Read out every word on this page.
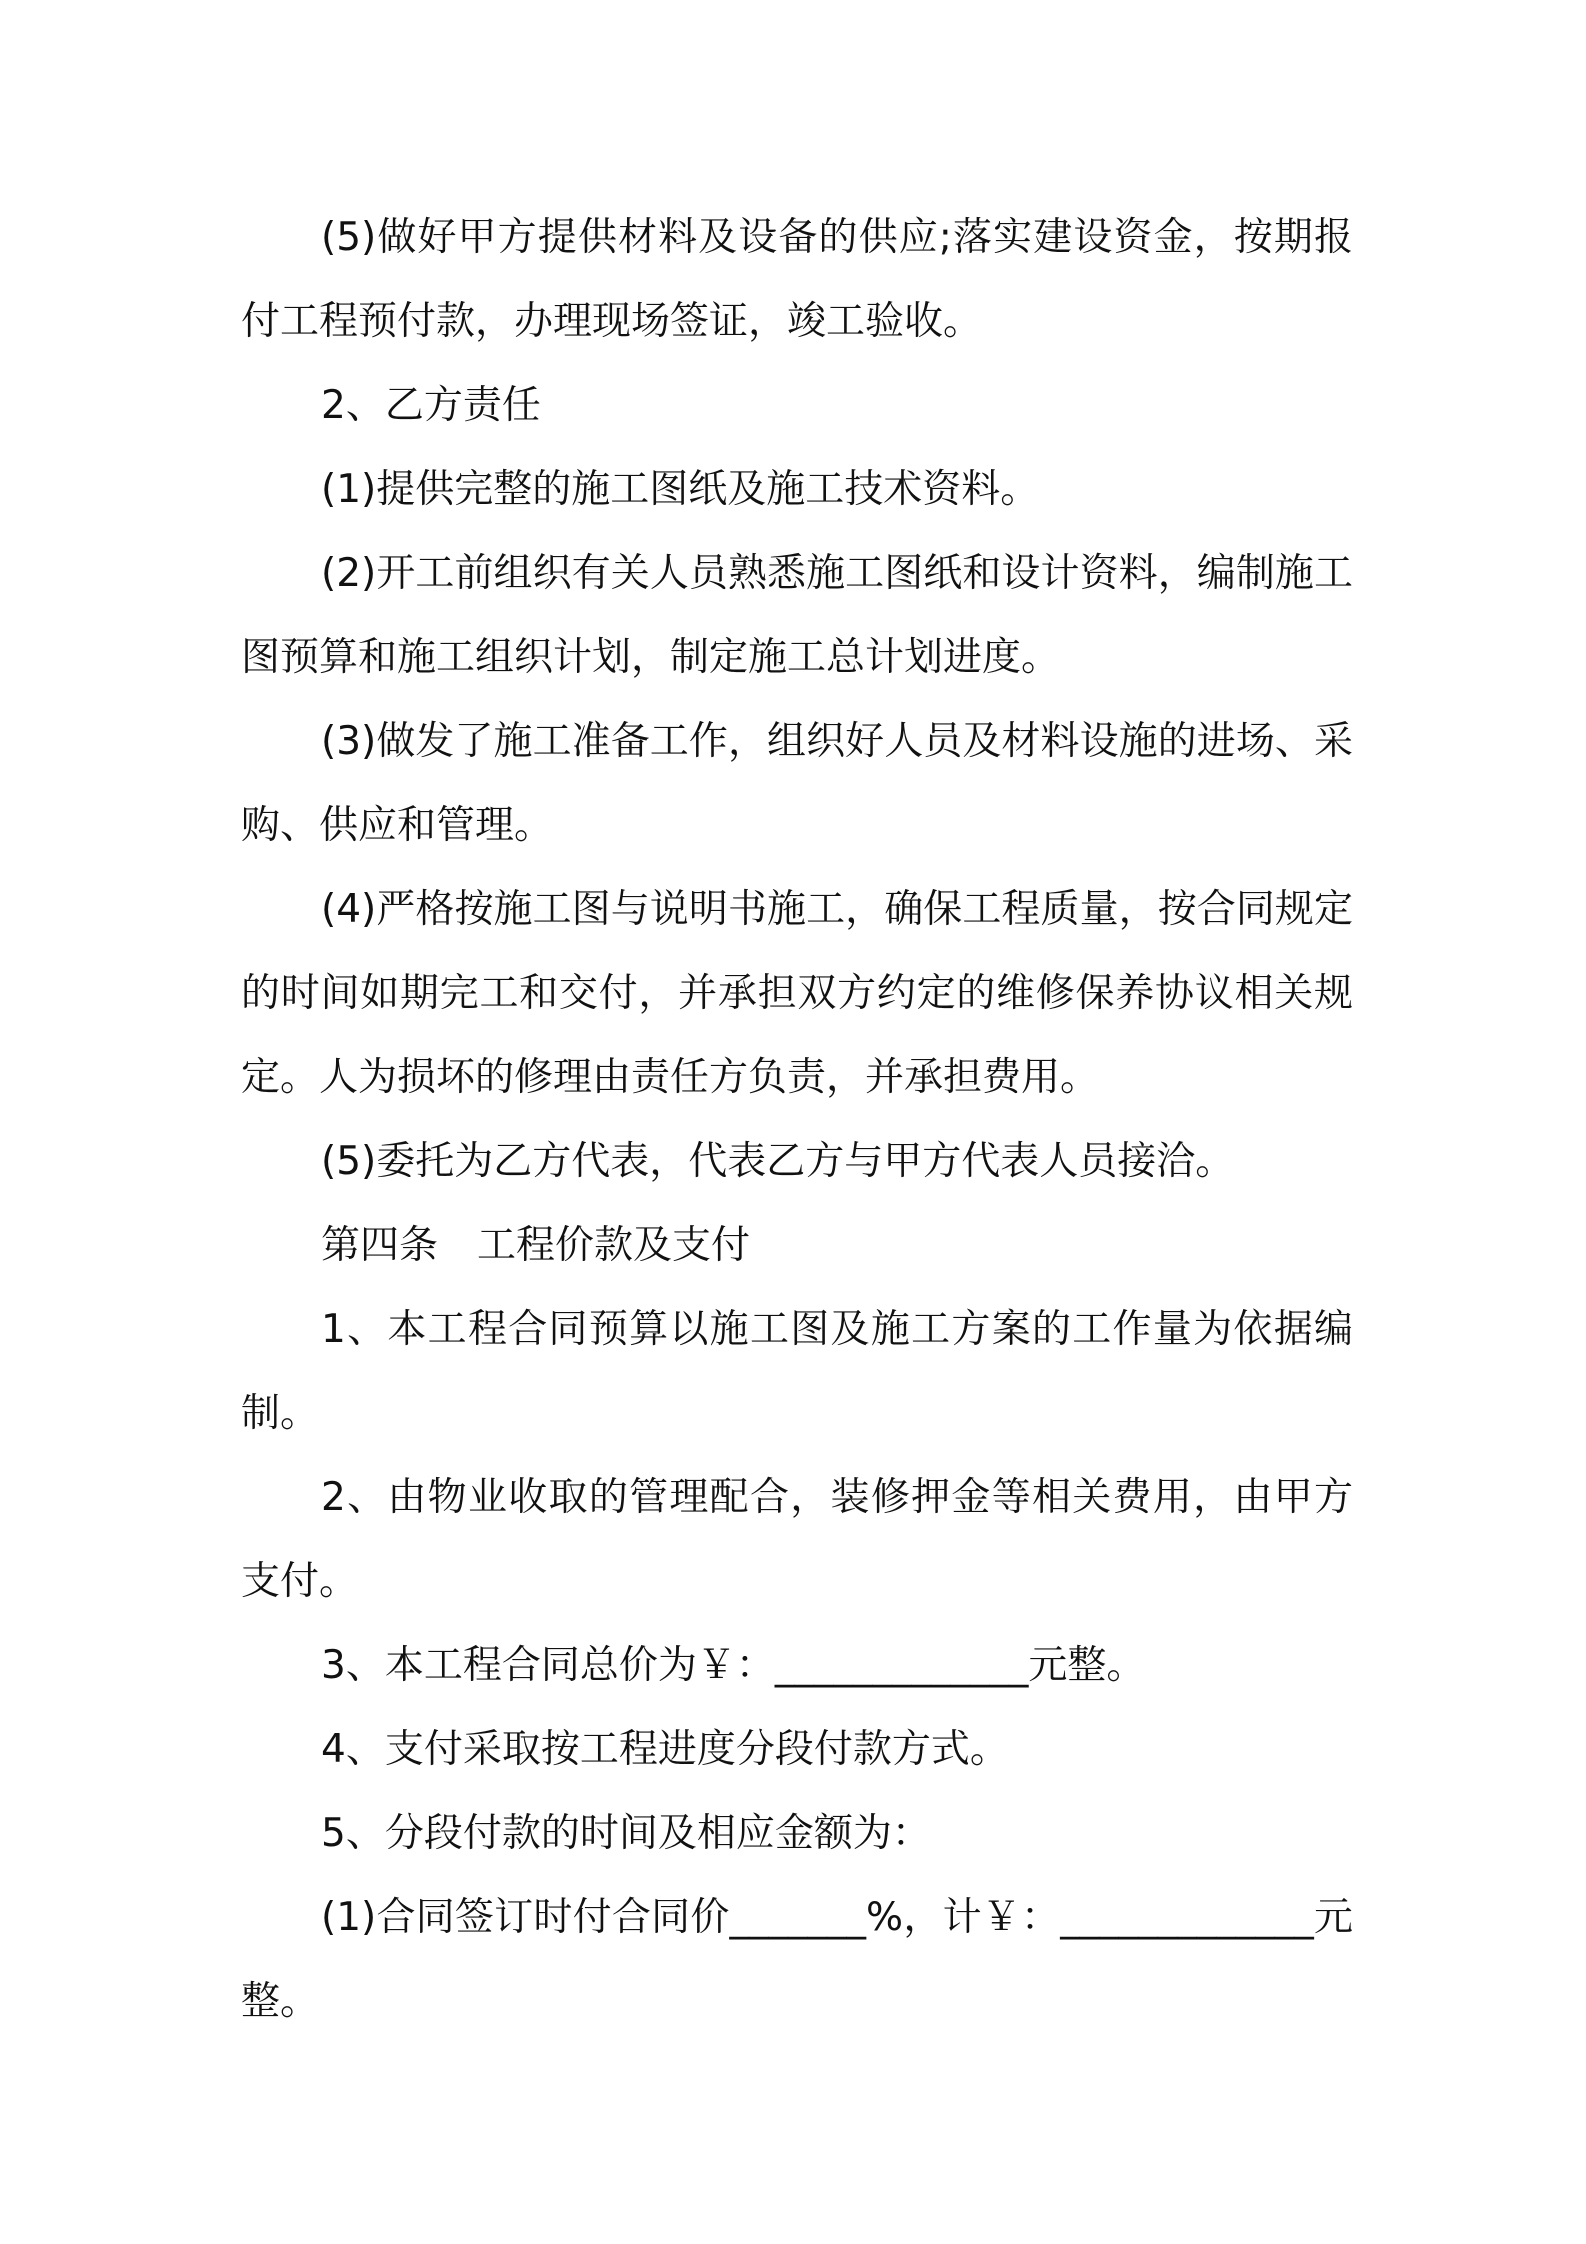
(5)做好甲方提供材料及设备的供应;落实建设资金，按期报付工程预付款，办理现场签证，竣工验收。

2、乙方责任

(1)提供完整的施工图纸及施工技术资料。

(2)开工前组织有关人员熟悉施工图纸和设计资料，编制施工图预算和施工组织计划，制定施工总计划进度。

(3)做发了施工准备工作，组织好人员及材料设施的进场、采购、供应和管理。

(4)严格按施工图与说明书施工，确保工程质量，按合同规定的时间如期完工和交付，并承担双方约定的维修保养协议相关规定。人为损坏的修理由责任方负责，并承担费用。

(5)委托为乙方代表，代表乙方与甲方代表人员接洽。

第四条　工程价款及支付

1、本工程合同预算以施工图及施工方案的工作量为依据编制。

2、由物业收取的管理配合，装修押金等相关费用，由甲方支付。

3、本工程合同总价为￥：_____________元整。

4、支付采取按工程进度分段付款方式。

5、分段付款的时间及相应金额为：

(1)合同签订时付合同价_______%，计￥：_____________元整。
